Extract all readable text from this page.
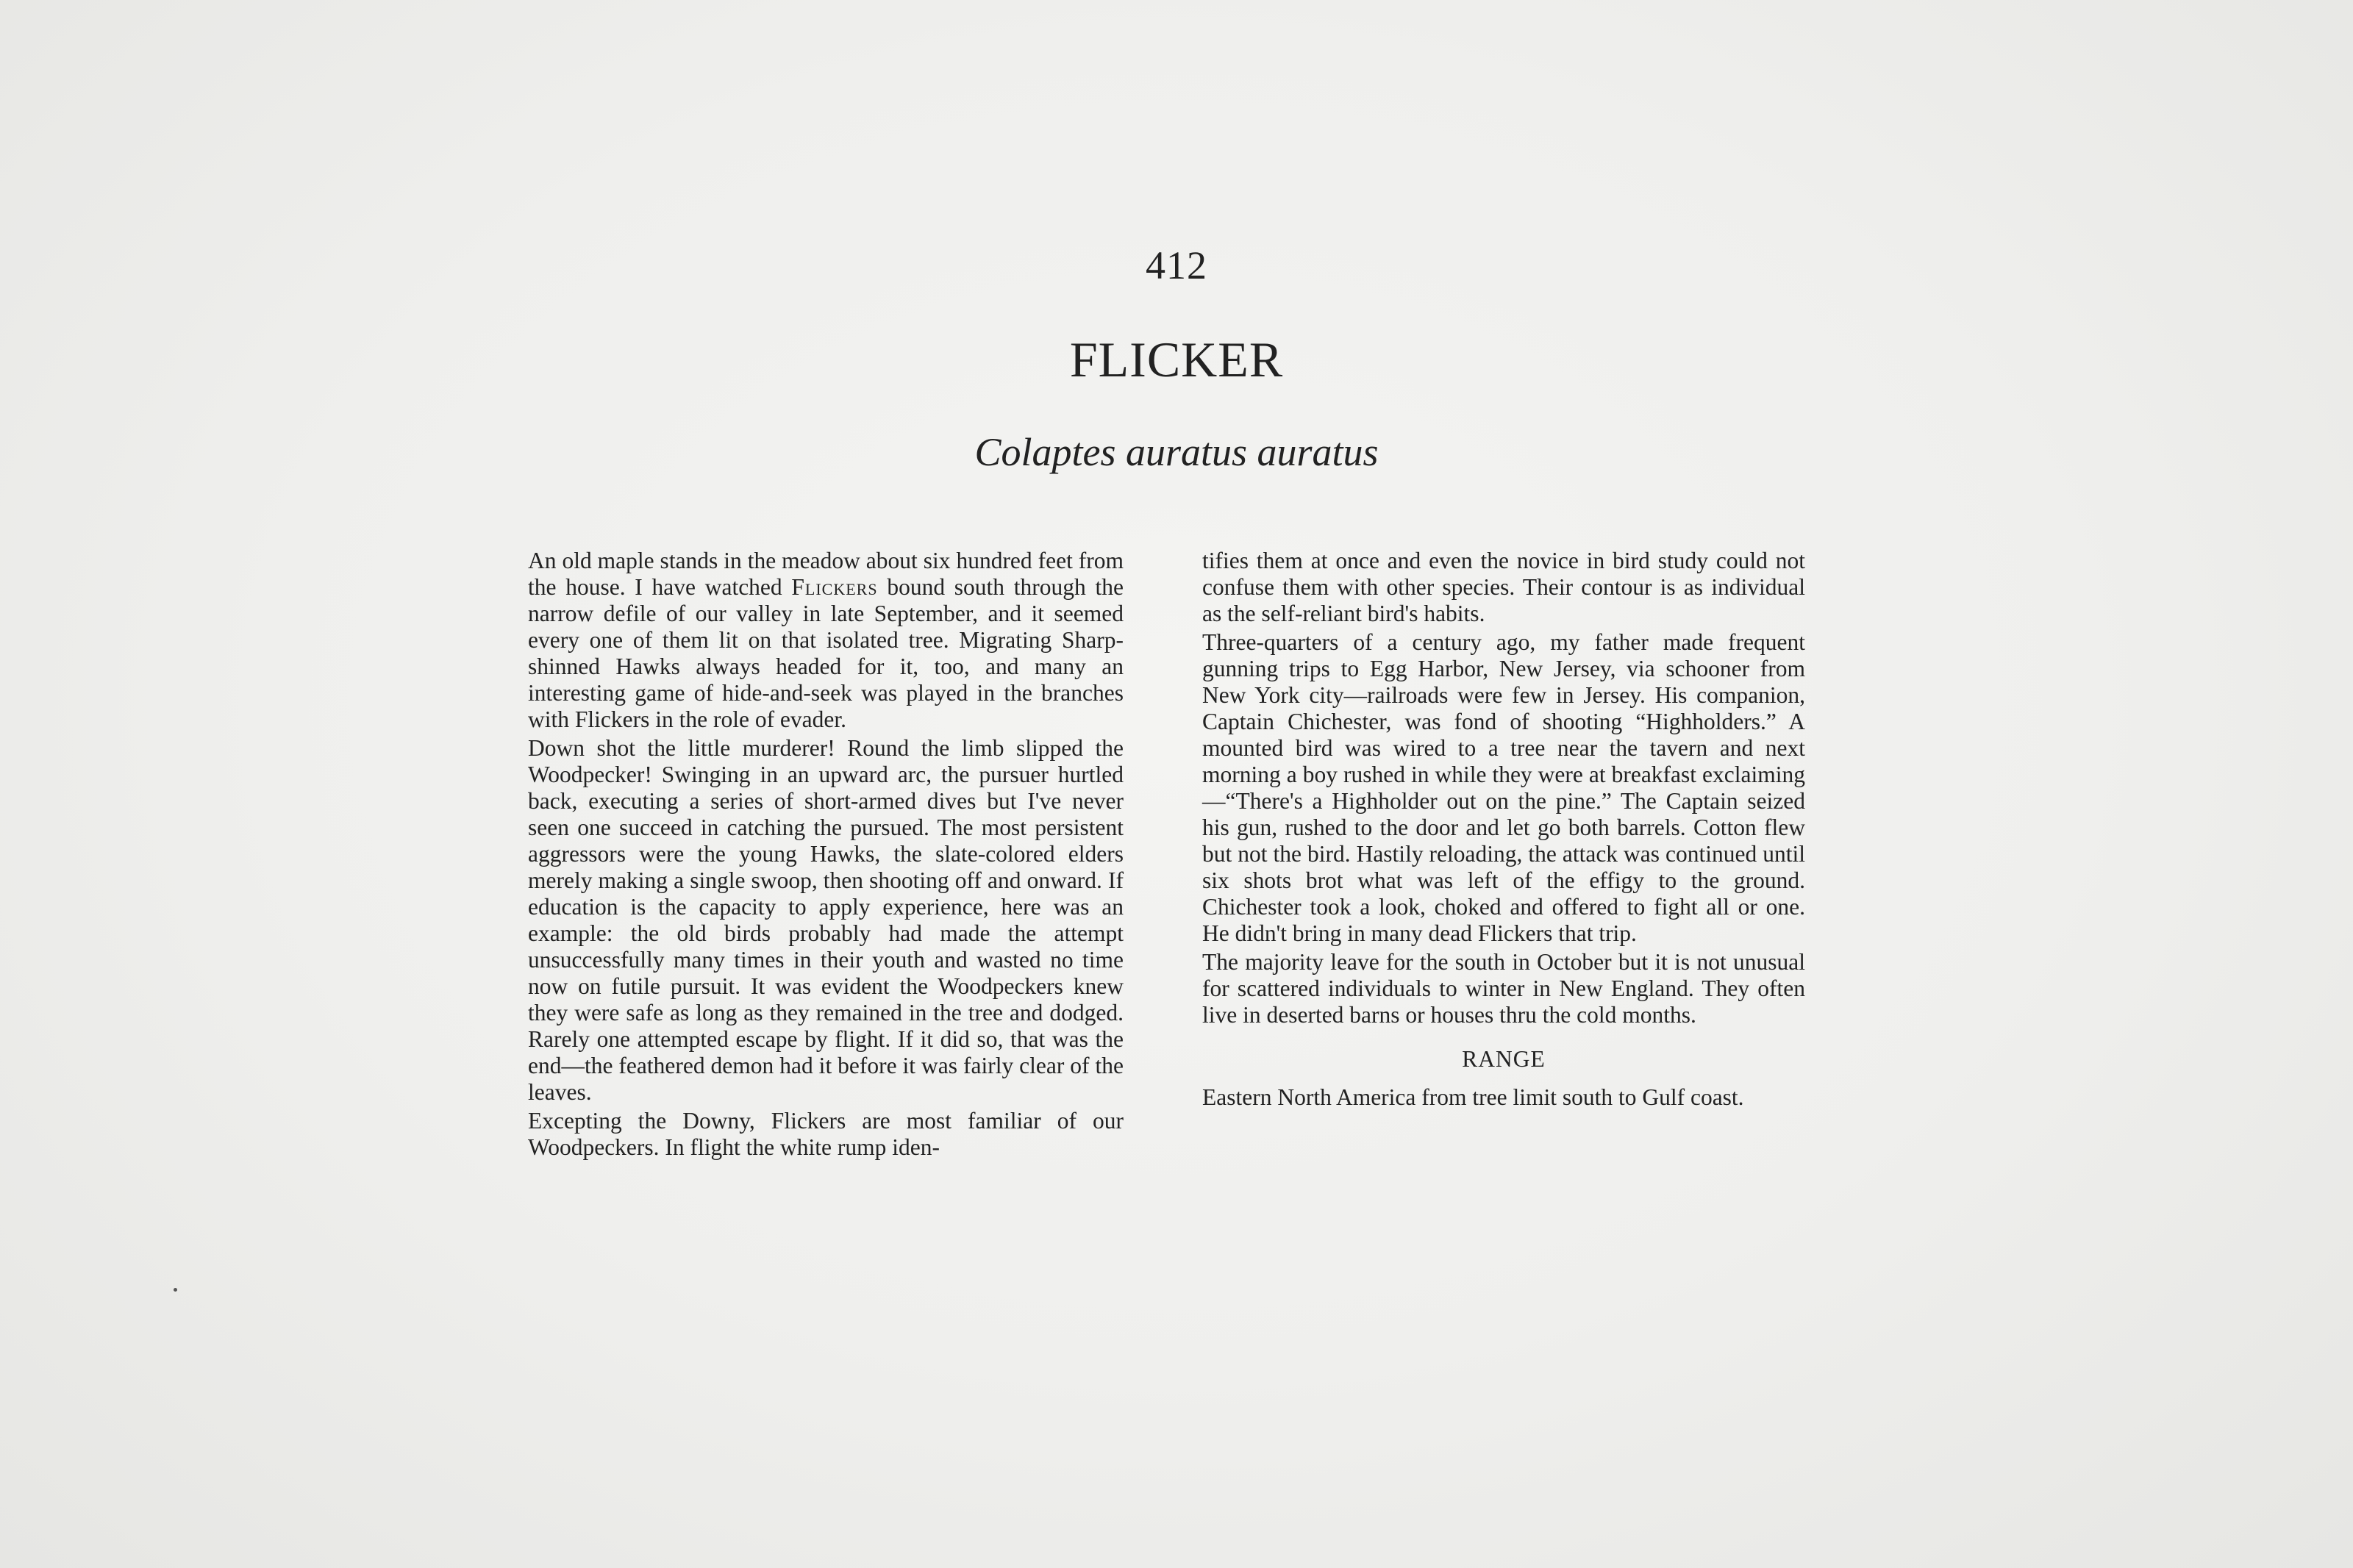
412
FLICKER
Colaptes auratus auratus

An old maple stands in the meadow about six hundred feet from the house. I have watched Flickers bound south through the narrow defile of our valley in late September, and it seemed every one of them lit on that isolated tree. Migrating Sharp-shinned Hawks always headed for it, too, and many an interesting game of hide-and-seek was played in the branches with Flickers in the role of evader.

Down shot the little murderer! Round the limb slipped the Woodpecker! Swinging in an upward arc, the pursuer hurtled back, executing a series of short-armed dives but I've never seen one succeed in catching the pursued. The most persistent aggressors were the young Hawks, the slate-colored elders merely making a single swoop, then shooting off and onward. If education is the capacity to apply experience, here was an example: the old birds probably had made the attempt unsuccessfully many times in their youth and wasted no time now on futile pursuit. It was evident the Woodpeckers knew they were safe as long as they remained in the tree and dodged. Rarely one attempted escape by flight. If it did so, that was the end—the feathered demon had it before it was fairly clear of the leaves.

Excepting the Downy, Flickers are most familiar of our Woodpeckers. In flight the white rump iden-

tifies them at once and even the novice in bird study could not confuse them with other species. Their contour is as individual as the self-reliant bird's habits.

Three-quarters of a century ago, my father made frequent gunning trips to Egg Harbor, New Jersey, via schooner from New York city—railroads were few in Jersey. His companion, Captain Chichester, was fond of shooting “Highholders.” A mounted bird was wired to a tree near the tavern and next morning a boy rushed in while they were at breakfast exclaiming—“There's a Highholder out on the pine.” The Captain seized his gun, rushed to the door and let go both barrels. Cotton flew but not the bird. Hastily reloading, the attack was continued until six shots brot what was left of the effigy to the ground. Chichester took a look, choked and offered to fight all or one. He didn't bring in many dead Flickers that trip.

The majority leave for the south in October but it is not unusual for scattered individuals to winter in New England. They often live in deserted barns or houses thru the cold months.

RANGE

Eastern North America from tree limit south to Gulf coast.
